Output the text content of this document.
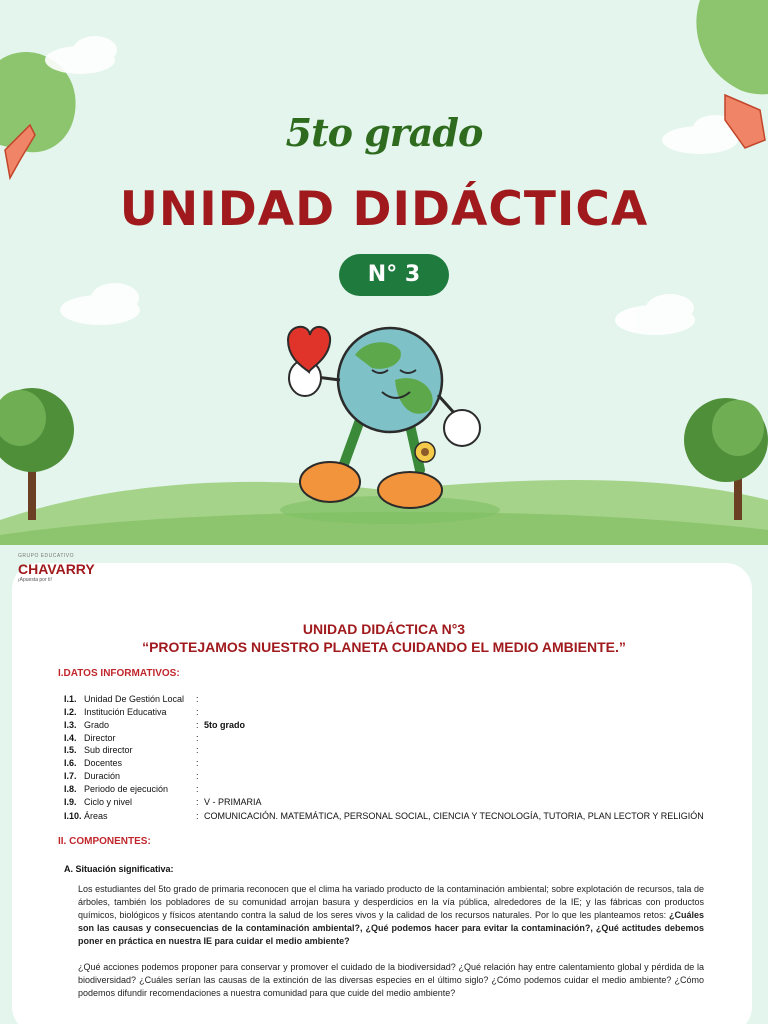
5to grado
UNIDAD DIDÁCTICA
N° 3
GRUPO EDUCATIVO
CHAVARRY
¡Apuesta por ti!
UNIDAD DIDÁCTICA N°3
“PROTEJAMOS NUESTRO PLANETA CUIDANDO EL MEDIO AMBIENTE.”
I.DATOS INFORMATIVOS:
I.1. Unidad De Gestión Local :
I.2. Institución Educativa	:
I.3. Grado	: 5to grado
I.4. Director	:
I.5. Sub director	:
I.6. Docentes	:
I.7. Duración	:
I.8. Periodo de ejecución	:
I.9. Ciclo y nivel	: V - PRIMARIA
I.10. Áreas	: COMUNICACIÓN. MATEMÁTICA, PERSONAL SOCIAL, CIENCIA Y TECNOLOGÍA, TUTORIA, PLAN LECTOR Y RELIGIÓN
II. COMPONENTES:
A. Situación significativa:

Los estudiantes del 5to grado de primaria reconocen que el clima ha variado producto de la contaminación ambiental; sobre explotación de recursos, tala de árboles, también los pobladores de su comunidad arrojan basura y desperdicios en la vía pública, alrededores de la IE; y las fábricas con productos químicos, biológicos y físicos atentando contra la salud de los seres vivos y la calidad de los recursos naturales. Por lo que les planteamos retos: ¿Cuáles son las causas y consecuencias de la contaminación ambiental?, ¿Qué podemos hacer para evitar la contaminación?, ¿Qué actitudes debemos poner en práctica en nuestra IE para cuidar el medio ambiente?

¿Qué acciones podemos proponer para conservar y promover el cuidado de la biodiversidad? ¿Qué relación hay entre calentamiento global y pérdida de la biodiversidad? ¿Cuáles serían las causas de la extinción de las diversas especies en el último siglo? ¿Cómo podemos cuidar el medio ambiente? ¿Cómo podemos difundir recomendaciones a nuestra comunidad para que cuide del medio ambiente?
